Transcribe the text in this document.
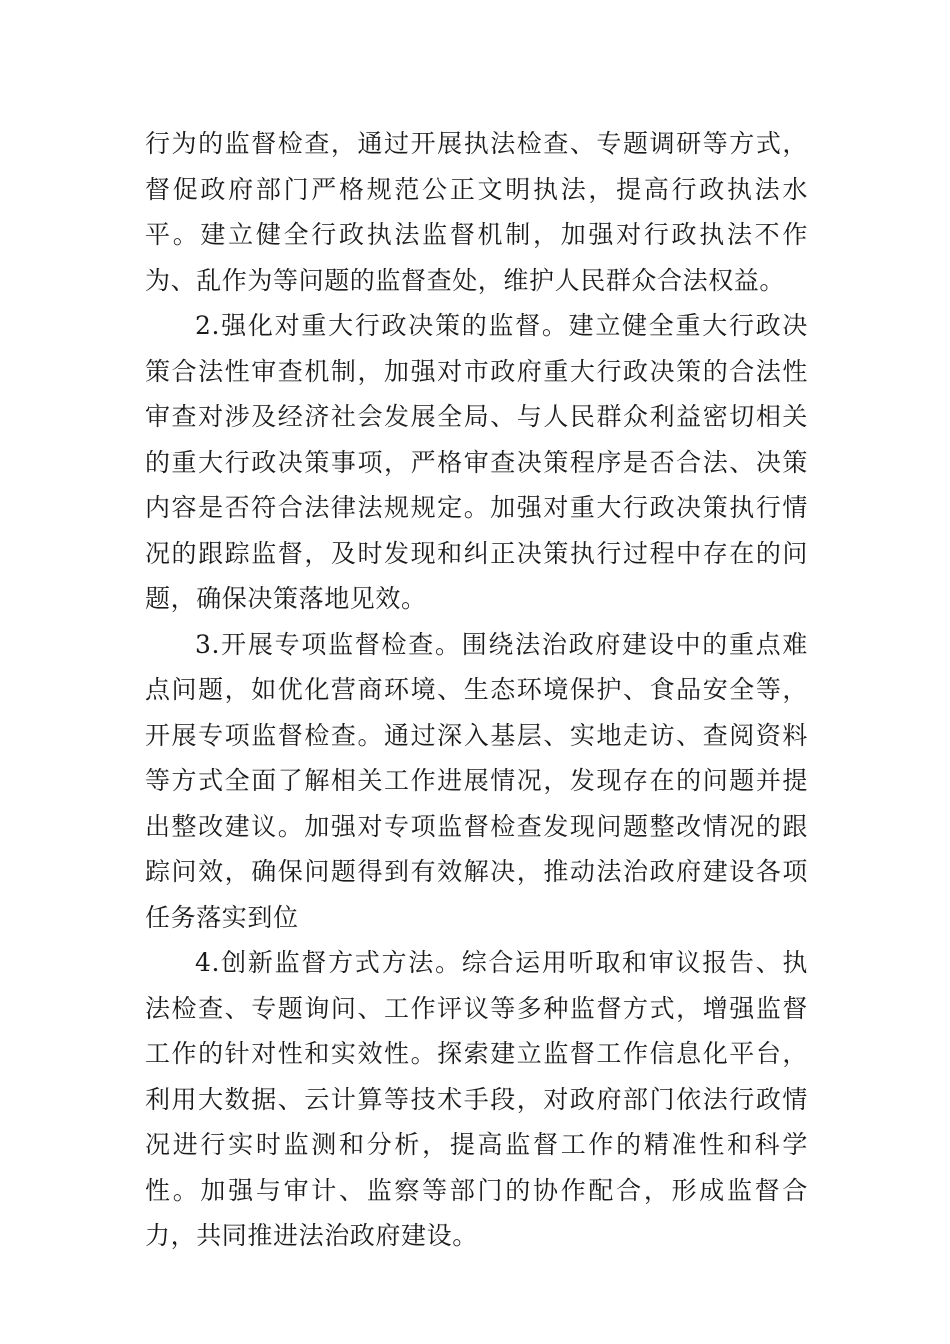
行为的监督检查，通过开展执法检查、专题调研等方式，督促政府部门严格规范公正文明执法，提高行政执法水平。建立健全行政执法监督机制，加强对行政执法不作为、乱作为等问题的监督查处，维护人民群众合法权益。

2.强化对重大行政决策的监督。建立健全重大行政决策合法性审查机制，加强对市政府重大行政决策的合法性审查对涉及经济社会发展全局、与人民群众利益密切相关的重大行政决策事项，严格审查决策程序是否合法、决策内容是否符合法律法规规定。加强对重大行政决策执行情况的跟踪监督，及时发现和纠正决策执行过程中存在的问题，确保决策落地见效。

3.开展专项监督检查。围绕法治政府建设中的重点难点问题，如优化营商环境、生态环境保护、食品安全等，开展专项监督检查。通过深入基层、实地走访、查阅资料等方式全面了解相关工作进展情况，发现存在的问题并提出整改建议。加强对专项监督检查发现问题整改情况的跟踪问效，确保问题得到有效解决，推动法治政府建设各项任务落实到位

4.创新监督方式方法。综合运用听取和审议报告、执法检查、专题询问、工作评议等多种监督方式，增强监督工作的针对性和实效性。探索建立监督工作信息化平台，利用大数据、云计算等技术手段，对政府部门依法行政情况进行实时监测和分析，提高监督工作的精准性和科学性。加强与审计、监察等部门的协作配合，形成监督合力，共同推进法治政府建设。
